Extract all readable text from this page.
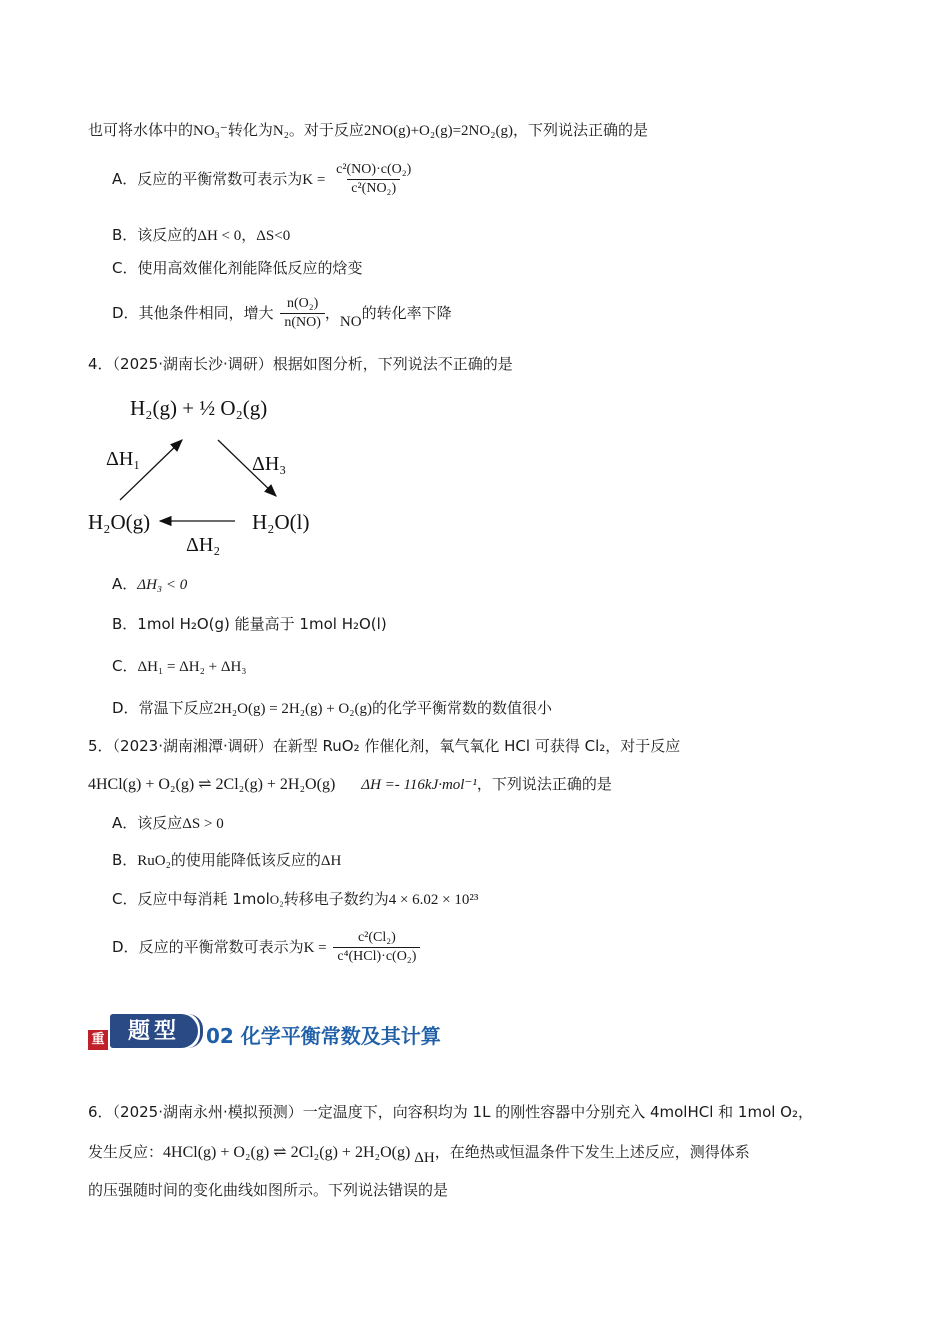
也可将水体中的NO₃⁻转化为N₂。对于反应2NO(g)+O₂(g)=2NO₂(g)，下列说法正确的是
A．反应的平衡常数可表示为$K = \frac{\text{c²(NO)·c(O₂)}}{\text{c²(NO₂)}}$
B．该反应的ΔH < 0，ΔS<0
C．使用高效催化剂能降低反应的焓变
D．其他条件相同，增大 $\frac{\text{n(O₂)}}{n(NO)}$ ，NO的转化率下降
4．（2025·湖南长沙·调研）根据如图分析，下列说法不正确的是
H₂(g) + ½ O₂(g)
ΔH₁	ΔH₃
H₂O(g)	H₂O(l)
ΔH₂
A．ΔH₃ < 0
B．1mol H₂O(g) 能量高于 1mol H₂O(l)
C．ΔH₁ = ΔH₂ + ΔH₃
D．常温下反应2H₂O(g) = 2H₂(g) + O₂(g)的化学平衡常数的数值很小
5．（2023·湖南湘潭·调研）在新型 RuO₂ 作催化剂，氧气氧化 HCl 可获得 Cl₂，对于反应
4HCl(g) + O₂(g) ⇌ 2Cl₂(g) + 2H₂O(g) ΔH =- 116kJ·mol⁻¹，下列说法正确的是
A．该反应ΔS > 0
B．RuO₂的使用能降低该反应的ΔH
C．反应中每消耗 1molO₂转移电子数约为4 × 6.02 × 10²³
D．反应的平衡常数可表示为$K = \frac{\text{c²(Cl₂)}}{\text{c⁴(HCl)·c(O₂)}}$
重	题型	02 化学平衡常数及其计算
6．（2025·湖南永州·模拟预测）一定温度下，向容积均为 1L 的刚性容器中分别充入 4molHCl 和 1mol O₂，
发生反应：4HCl(g) + O₂(g) ⇌ 2Cl₂(g) + 2H₂O(g) ΔH，在绝热或恒温条件下发生上述反应，测得体系
的压强随时间的变化曲线如图所示。下列说法错误的是
